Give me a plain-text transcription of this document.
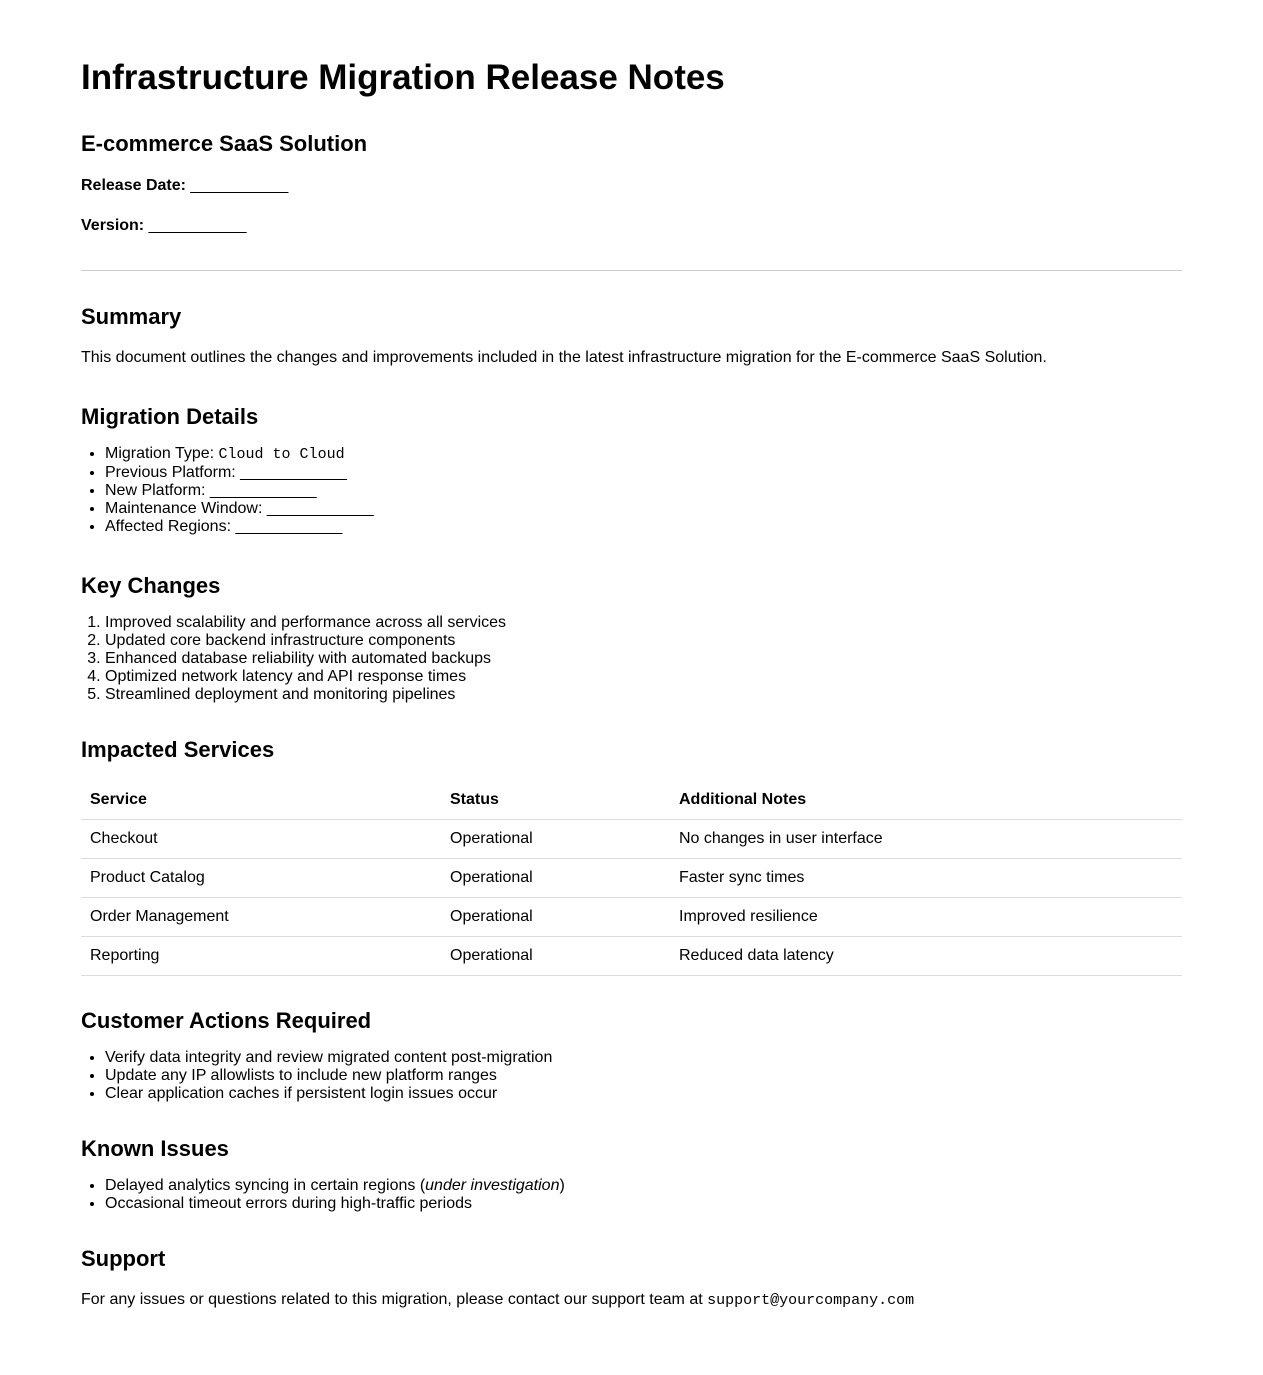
Infrastructure Migration Release Notes
E-commerce SaaS Solution

Release Date: ___________

Version: ___________

Summary

This document outlines the changes and improvements included in the latest infrastructure migration for the E-commerce SaaS Solution.

Migration Details
• Migration Type: Cloud to Cloud
• Previous Platform: ____________
• New Platform: ____________
• Maintenance Window: ____________
• Affected Regions: ____________
Key Changes
1. Improved scalability and performance across all services
2. Updated core backend infrastructure components
3. Enhanced database reliability with automated backups
4. Optimized network latency and API response times
5. Streamlined deployment and monitoring pipelines
Impacted Services
Service	Status	Additional Notes
Checkout	Operational	No changes in user interface
Product Catalog	Operational	Faster sync times
Order Management	Operational	Improved resilience
Reporting	Operational	Reduced data latency
Customer Actions Required
• Verify data integrity and review migrated content post-migration
• Update any IP allowlists to include new platform ranges
• Clear application caches if persistent login issues occur
Known Issues
• Delayed analytics syncing in certain regions (under investigation)
• Occasional timeout errors during high-traffic periods
Support

For any issues or questions related to this migration, please contact our support team at support@yourcompany.com
